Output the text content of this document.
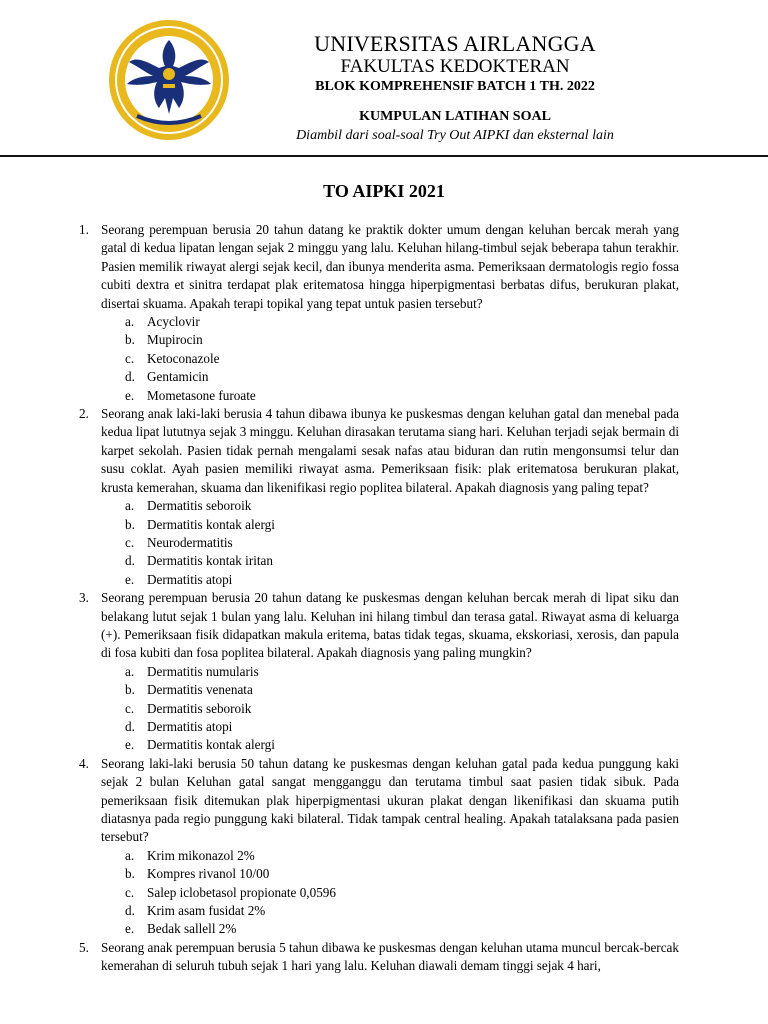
UNIVERSITAS AIRLANGGA
FAKULTAS KEDOKTERAN
BLOK KOMPREHENSIF BATCH 1 TH. 2022
KUMPULAN LATIHAN SOAL
Diambil dari soal-soal Try Out AIPKI dan eksternal lain
TO AIPKI 2021
1. Seorang perempuan berusia 20 tahun datang ke praktik dokter umum dengan keluhan bercak merah yang gatal di kedua lipatan lengan sejak 2 minggu yang lalu. Keluhan hilang-timbul sejak beberapa tahun terakhir. Pasien memilik riwayat alergi sejak kecil, dan ibunya menderita asma. Pemeriksaan dermatologis regio fossa cubiti dextra et sinitra terdapat plak eritematosa hingga hiperpigmentasi berbatas difus, berukuran plakat, disertai skuama. Apakah terapi topikal yang tepat untuk pasien tersebut?
a. Acyclovir
b. Mupirocin
c. Ketoconazole
d. Gentamicin
e. Mometasone furoate
2. Seorang anak laki-laki berusia 4 tahun dibawa ibunya ke puskesmas dengan keluhan gatal dan menebal pada kedua lipat lututnya sejak 3 minggu. Keluhan dirasakan terutama siang hari. Keluhan terjadi sejak bermain di karpet sekolah. Pasien tidak pernah mengalami sesak nafas atau biduran dan rutin mengonsumsi telur dan susu coklat. Ayah pasien memiliki riwayat asma. Pemeriksaan fisik: plak eritematosa berukuran plakat, krusta kemerahan, skuama dan likenifikasi regio poplitea bilateral. Apakah diagnosis yang paling tepat?
a. Dermatitis seboroik
b. Dermatitis kontak alergi
c. Neurodermatitis
d. Dermatitis kontak iritan
e. Dermatitis atopi
3. Seorang perempuan berusia 20 tahun datang ke puskesmas dengan keluhan bercak merah di lipat siku dan belakang lutut sejak 1 bulan yang lalu. Keluhan ini hilang timbul dan terasa gatal. Riwayat asma di keluarga (+). Pemeriksaan fisik didapatkan makula eritema, batas tidak tegas, skuama, ekskoriasi, xerosis, dan papula di fosa kubiti dan fosa poplitea bilateral. Apakah diagnosis yang paling mungkin?
a. Dermatitis numularis
b. Dermatitis venenata
c. Dermatitis seboroik
d. Dermatitis atopi
e. Dermatitis kontak alergi
4. Seorang laki-laki berusia 50 tahun datang ke puskesmas dengan keluhan gatal pada kedua punggung kaki sejak 2 bulan Keluhan gatal sangat mengganggu dan terutama timbul saat pasien tidak sibuk. Pada pemeriksaan fisik ditemukan plak hiperpigmentasi ukuran plakat dengan likenifikasi dan skuama putih diatasnya pada regio punggung kaki bilateral. Tidak tampak central healing. Apakah tatalaksana pada pasien tersebut?
a. Krim mikonazol 2%
b. Kompres rivanol 10/00
c. Salep iclobetasol propionate 0,0596
d. Krim asam fusidat 2%
e. Bedak sallell 2%
5. Seorang anak perempuan berusia 5 tahun dibawa ke puskesmas dengan keluhan utama muncul bercak-bercak kemerahan di seluruh tubuh sejak 1 hari yang lalu. Keluhan diawali demam tinggi sejak 4 hari,
